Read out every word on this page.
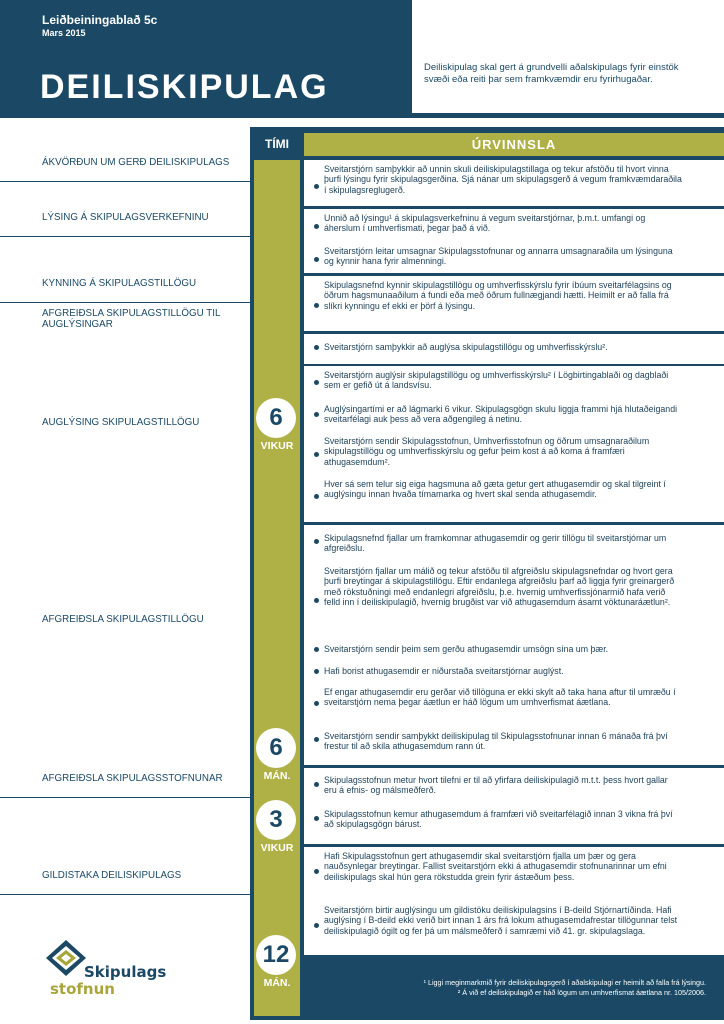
Leiðbeiningablað 5c
Mars 2015
DEILISKIPULAG
Deiliskipulag skal gert á grundvelli aðalskipulags fyrir einstök svæði eða reiti þar sem framkvæmdir eru fyrirhugaðar.
TÍMI	ÚRVINNSLA
ÁKVÖRÐUN UM GERÐ DEILISKIPULAGS
LÝSING Á SKIPULAGSVERKEFNINU
KYNNING Á SKIPULAGSTILLÖGU
AFGREIÐSLA SKIPULAGSTILLÖGU TIL AUGLÝSINGAR
AUGLÝSING SKIPULAGSTILLÖGU
AFGREIÐSLA SKIPULAGSTILLÖGU
AFGREIÐSLA SKIPULAGSSTOFNUNAR
GILDISTAKA DEILISKIPULAGS
6
VIKUR
6
MÁN.
3
VIKUR
12
MÁN.
Sveitarstjórn samþykkir að unnin skuli deiliskipulagstillaga og tekur afstöðu til hvort vinna þurfi lýsingu fyrir skipulagsgerðina. Sjá nánar um skipulagsgerð á vegum framkvæmdaraðila í skipulagsreglugerð.
Unnið að lýsingu¹ á skipulagsverkefninu á vegum sveitarstjórnar, þ.m.t. umfangi og áherslum í umhverfismati, þegar það á við.
Sveitarstjórn leitar umsagnar Skipulagsstofnunar og annarra umsagnaraðila um lýsinguna og kynnir hana fyrir almenningi.
Skipulagsnefnd kynnir skipulagstillögu og umhverfisskýrslu fyrir íbúum sveitarfélagsins og öðrum hagsmunaaðilum á fundi eða með öðrum fullnægjandi hætti. Heimilt er að falla frá slíkri kynningu ef ekki er þörf á lýsingu.
Sveitarstjórn samþykkir að auglýsa skipulagstillögu og umhverfisskýrslu².
Sveitarstjórn auglýsir skipulagstillögu og umhverfisskýrslu² í Lögbirtingablaði og dagblaði sem er gefið út á landsvísu.
Auglýsingartími er að lágmarki 6 vikur. Skipulagsgögn skulu liggja frammi hjá hlutaðeigandi sveitarfélagi auk þess að vera aðgengileg á netinu.
Sveitarstjórn sendir Skipulagsstofnun, Umhverfisstofnun og öðrum umsagnaraðilum skipulagstillögu og umhverfisskýrslu og gefur þeim kost á að koma á framfæri athugasemdum².
Hver sá sem telur sig eiga hagsmuna að gæta getur gert athugasemdir og skal tilgreint í auglýsingu innan hvaða tímamarka og hvert skal senda athugasemdir.
Skipulagsnefnd fjallar um framkomnar athugasemdir og gerir tillögu til sveitarstjórnar um afgreiðslu.
Sveitarstjórn fjallar um málið og tekur afstöðu til afgreiðslu skipulagsnefndar og hvort gera þurfi breytingar á skipulagstillögu. Eftir endanlega afgreiðslu þarf að liggja fyrir greinargerð með rökstuðningi með endanlegri afgreiðslu, þ.e. hvernig umhverfissjónarmið hafa verið felld inn í deiliskipulagið, hvernig brugðist var við athugasemdum ásamt vöktunaráætlun².
Sveitarstjórn sendir þeim sem gerðu athugasemdir umsögn sína um þær.
Hafi borist athugasemdir er niðurstaða sveitarstjórnar auglýst.
Ef engar athugasemdir eru gerðar við tillöguna er ekki skylt að taka hana aftur til umræðu í sveitarstjórn nema þegar áætlun er háð lögum um umhverfismat áætlana.
Sveitarstjórn sendir samþykkt deiliskipulag til Skipulagsstofnunar innan 6 mánaða frá því frestur til að skila athugasemdum rann út.
Skipulagsstofnun metur hvort tilefni er til að yfirfara deiliskipulagið m.t.t. þess hvort gallar eru á efnis- og málsmeðferð.
Skipulagsstofnun kemur athugasemdum á framfæri við sveitarfélagið innan 3 vikna frá því að skipulagsgögn bárust.
Hafi Skipulagsstofnun gert athugasemdir skal sveitarstjórn fjalla um þær og gera nauðsynlegar breytingar. Fallist sveitarstjórn ekki á athugasemdir stofnunarinnar um efni deiliskipulags skal hún gera rökstudda grein fyrir ástæðum þess.
Sveitarstjórn birtir auglýsingu um gildistöku deiliskipulagsins í B-deild Stjórnartíðinda. Hafi auglýsing í B-deild ekki verið birt innan 1 árs frá lokum athugasemdafrestar tillögunnar telst deiliskipulagið ógilt og fer þá um málsmeðferð í samræmi við 41. gr. skipulagslaga.
¹ Liggi meginmarkmið fyrir deiliskipulagsgerð í aðalskipulagi er heimilt að falla frá lýsingu.
² Á við ef deiliskipulagið er háð lögum um umhverfismat áætlana nr. 105/2006.
Skipulags
stofnun
